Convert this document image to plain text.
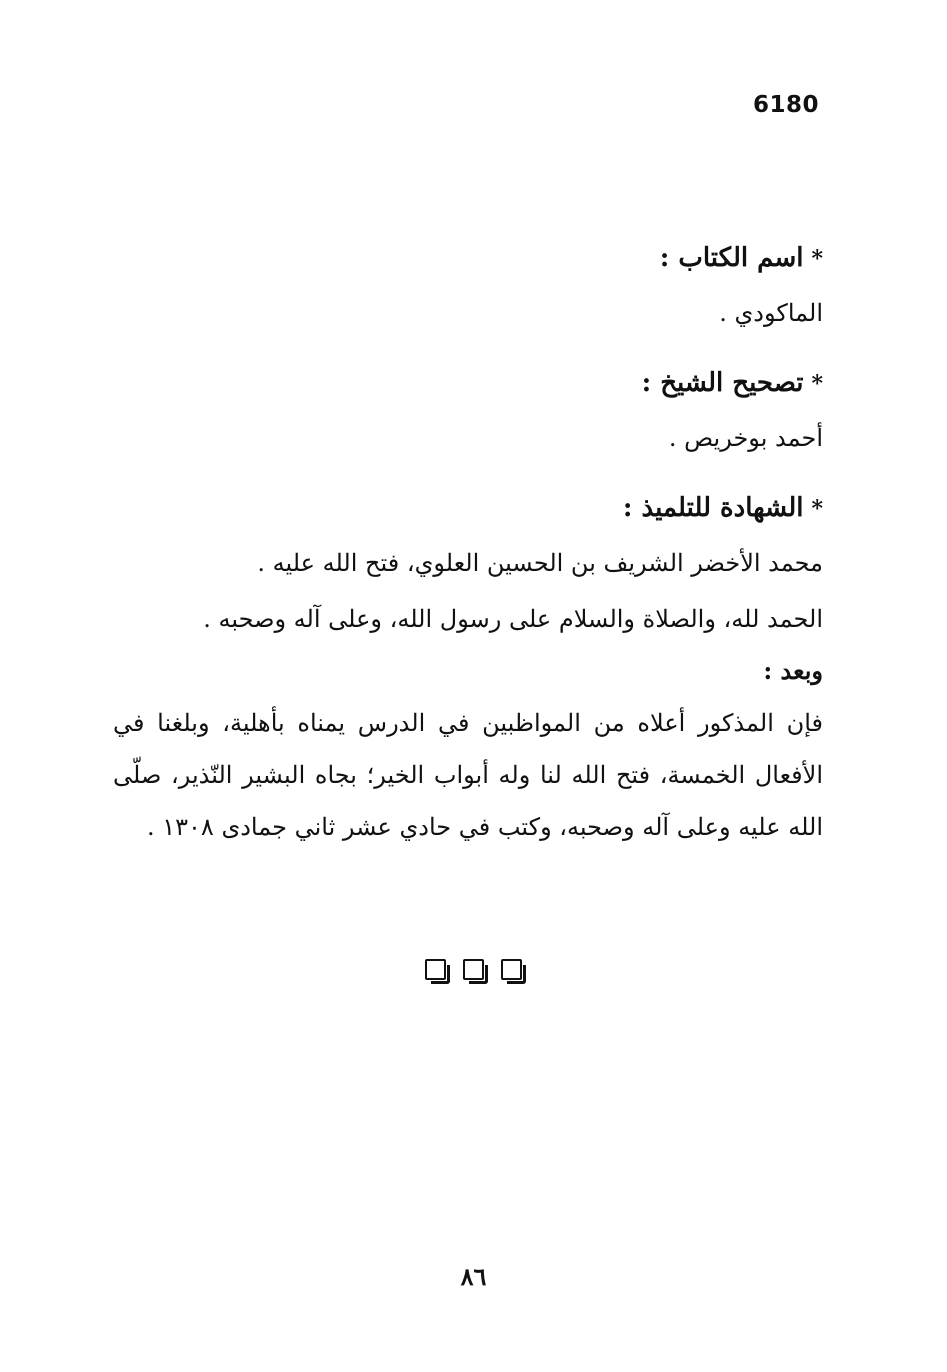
6180

*اسم الكتاب :

الماكودي .

*تصحيح الشيخ :

أحمد بوخريص .

*الشهادة للتلميذ :

محمد الأخضر الشريف بن الحسين العلوي، فتح الله عليه .

الحمد لله، والصلاة والسلام على رسول الله، وعلى آله وصحبه .

وبعد :

فإن المذكور أعلاه من المواظبين في الدرس يمناه بأهلية، وبلغنا في الأفعال الخمسة، فتح الله لنا وله أبواب الخير؛ بجاه البشير النّذير، صلّى الله عليه وعلى آله وصحبه، وكتب في حادي عشر ثاني جمادى ١٣٠٨ .

٨٦
